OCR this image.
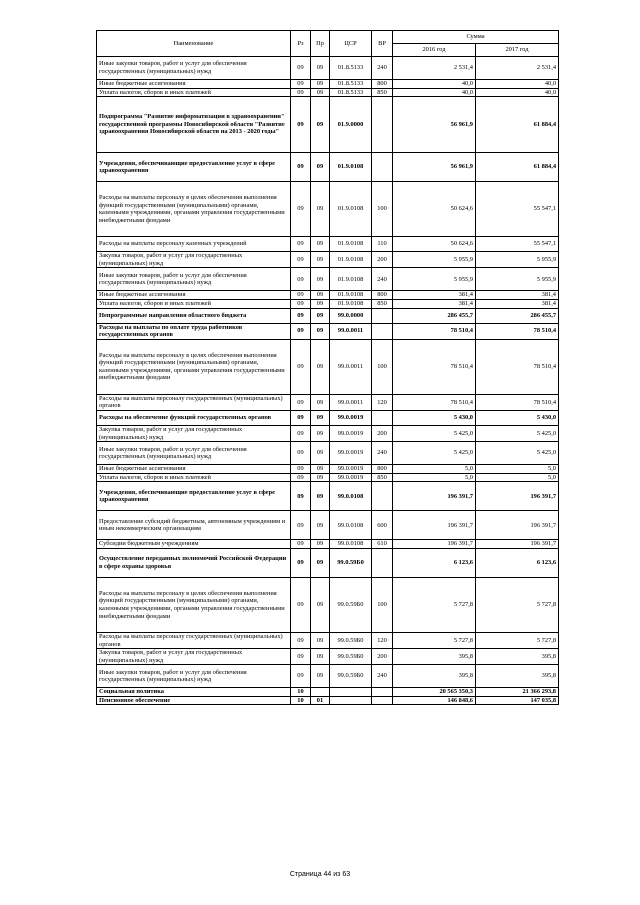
Наименование	Рз	Пр	ЦСР	ВР	Сумма	
					2016 год	2017 год
Иные закупки товаров, работ и услуг для обеспечения государственных (муниципальных) нужд	09	09	01.8.5133	240	2 531,4	2 531,4
Иные бюджетные ассигнования	09	09	01.8.5133	800	40,0	40,0
Уплата налогов, сборов и иных платежей	09	09	01.8.5133	850	40,0	40,0
Подпрограмма "Развитие информатизации в здравоохранении" государственной программы Новосибирской области "Развитие здравоохранения Новосибирской области на 2013 - 2020 годы"	09	09	01.9.0000		56 961,9	61 884,4
Учреждения, обеспечивающие предоставление услуг в сфере здравоохранения	09	09	01.9.0108		56 961,9	61 884,4
Расходы на выплаты персоналу в целях обеспечения выполнения функций государственными (муниципальными) органами, казенными учреждениями, органами управления государственными внебюджетными фондами	09	09	01.9.0108	100	50 624,6	55 547,1
Расходы на выплаты персоналу казенных учреждений	09	09	01.9.0108	110	50 624,6	55 547,1
Закупка товаров, работ и услуг для государственных (муниципальных) нужд	09	09	01.9.0108	200	5 955,9	5 955,9
Иные закупки товаров, работ и услуг для обеспечения государственных (муниципальных) нужд	09	09	01.9.0108	240	5 955,9	5 955,9
Иные бюджетные ассигнования	09	09	01.9.0108	800	381,4	381,4
Уплата налогов, сборов и иных платежей	09	09	01.9.0108	850	381,4	381,4
Непрограммные направления областного бюджета	09	09	99.0.0000		286 455,7	286 455,7
Расходы на выплаты по оплате труда работников государственных органов	09	09	99.0.0011		78 510,4	78 510,4
Расходы на выплаты персоналу в целях обеспечения выполнения функций государственными (муниципальными) органами, казенными учреждениями, органами управления государственными внебюджетными фондами	09	09	99.0.0011	100	78 510,4	78 510,4
Расходы на выплаты персоналу государственных (муниципальных) органов	09	09	99.0.0011	120	78 510,4	78 510,4
Расходы на обеспечение функций государственных органов	09	09	99.0.0019		5 430,0	5 430,0
Закупка товаров, работ и услуг для государственных (муниципальных) нужд	09	09	99.0.0019	200	5 425,0	5 425,0
Иные закупки товаров, работ и услуг для обеспечения государственных (муниципальных) нужд	09	09	99.0.0019	240	5 425,0	5 425,0
Иные бюджетные ассигнования	09	09	99.0.0019	800	5,0	5,0
Уплата налогов, сборов и иных платежей	09	09	99.0.0019	850	5,0	5,0
Учреждения, обеспечивающие предоставление услуг в сфере здравоохранения	09	09	99.0.0108		196 391,7	196 391,7
Предоставление субсидий бюджетным, автономным учреждениям и иным некоммерческим организациям	09	09	99.0.0108	600	196 391,7	196 391,7
Субсидии бюджетным учреждениям	09	09	99.0.0108	610	196 391,7	196 391,7
Осуществление переданных полномочий Российской Федерации в сфере охраны здоровья	09	09	99.0.59Б0		6 123,6	6 123,6
Расходы на выплаты персоналу в целях обеспечения выполнения функций государственными (муниципальными) органами, казенными учреждениями, органами управления государственными внебюджетными фондами	09	09	99.0.59Б0	100	5 727,8	5 727,8
Расходы на выплаты персоналу государственных (муниципальных) органов	09	09	99.0.59Б0	120	5 727,8	5 727,8
Закупка товаров, работ и услуг для государственных (муниципальных) нужд	09	09	99.0.59Б0	200	395,8	395,8
Иные закупки товаров, работ и услуг для обеспечения государственных (муниципальных) нужд	09	09	99.0.59Б0	240	395,8	395,8
Социальная политика	10				20 565 350,3	21 366 293,8
Пенсионное обеспечение	10	01			146 848,6	147 035,8
Страница 44 из 63
